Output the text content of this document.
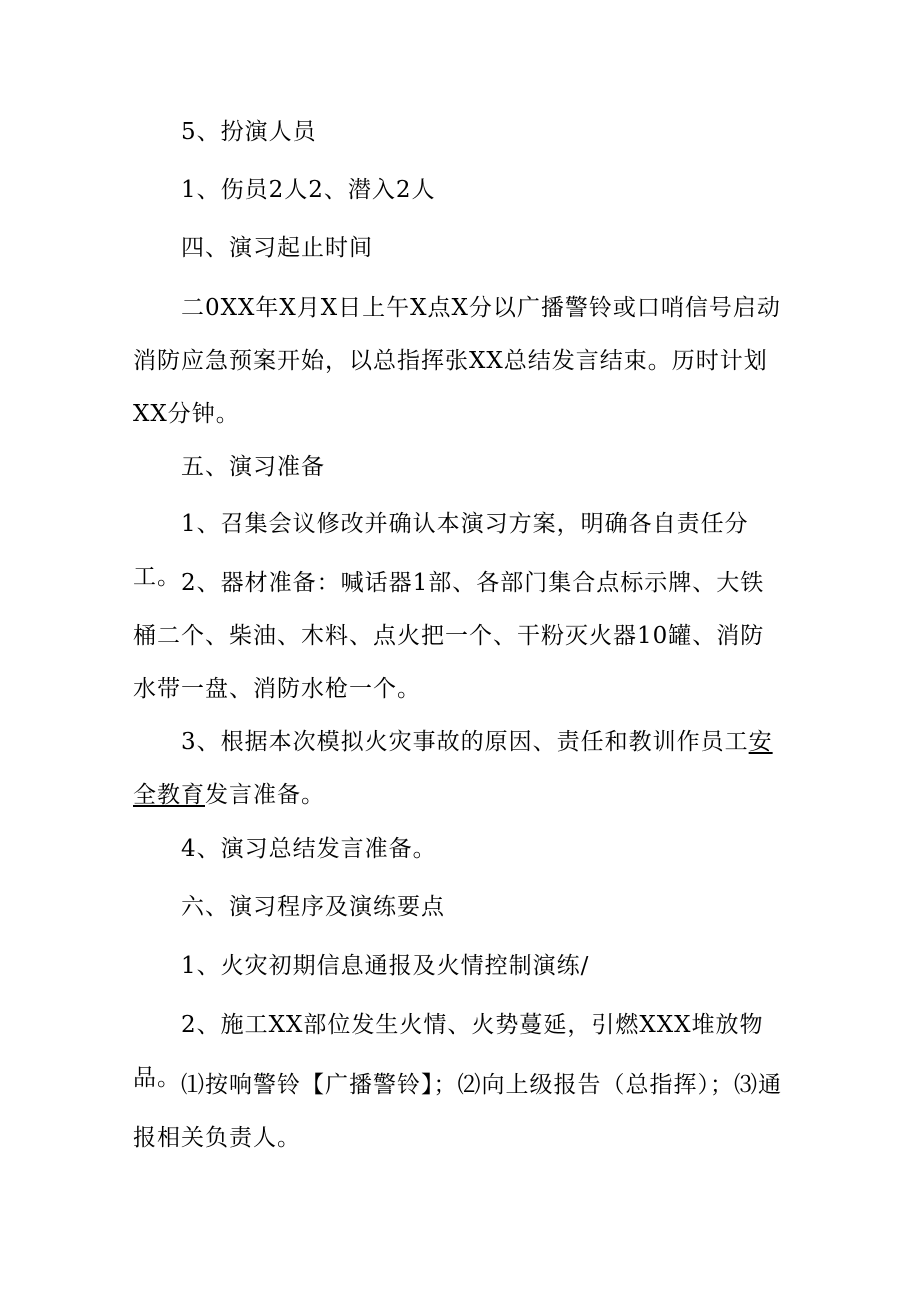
5、扮演人员

1、伤员2人2、潜入2人

四、演习起止时间

二0XX年X月X日上午X点X分以广播警铃或口哨信号启动消防应急预案开始，以总指挥张XX总结发言结束。历时计划XX分钟。

五、演习准备

1、召集会议修改并确认本演习方案，明确各自责任分工。 2、器材准备：喊话器1部、各部门集合点标示牌、大铁桶二个、柴油、木料、点火把一个、干粉灭火器10罐、消防水带一盘、消防水枪一个。

3、根据本次模拟火灾事故的原因、责任和教训作员工安全教育发言准备。

4、演习总结发言准备。

六、演习程序及演练要点

1、火灾初期信息通报及火情控制演练/

2、施工XX部位发生火情、火势蔓延，引燃XXX堆放物品。 ⑴按响警铃【广播警铃】；⑵向上级报告（总指挥）；⑶通报相关负责人。
